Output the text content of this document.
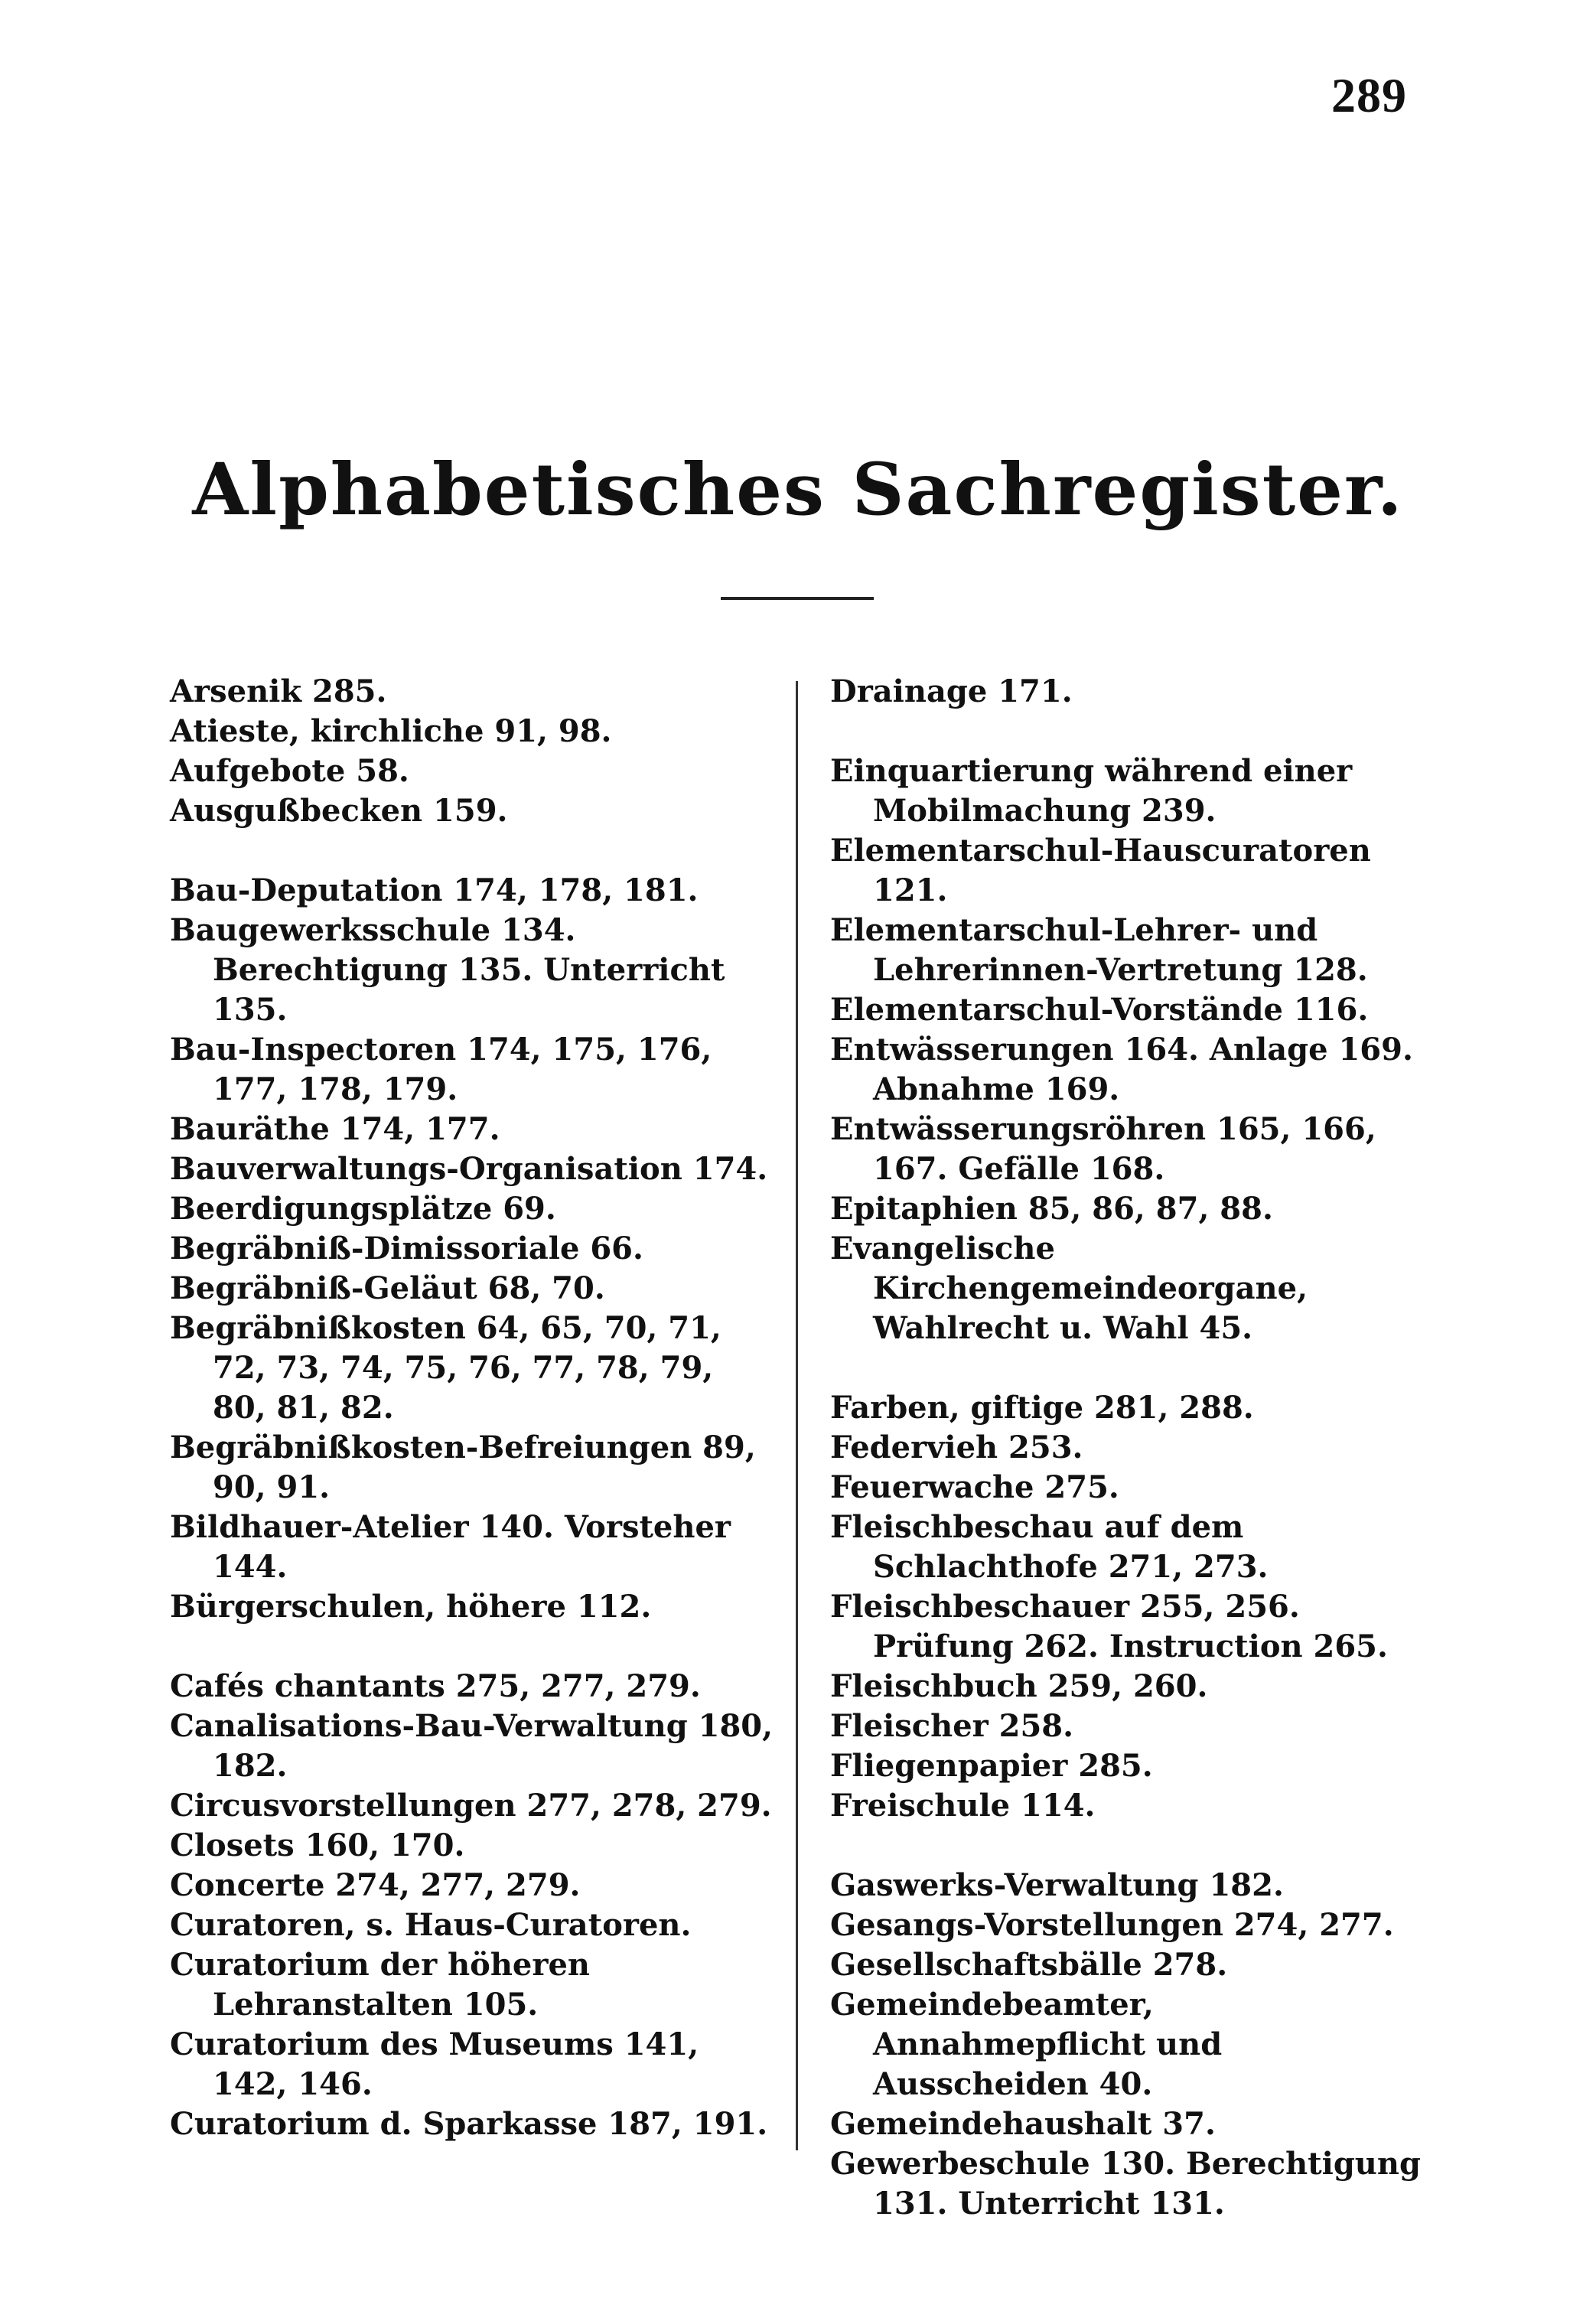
289
Alphabetisches Sachregister.
Arsenik 285.
Atieste, kirchliche 91, 98.
Aufgebote 58.
Ausgußbecken 159.
Bau-Deputation 174, 178, 181.
Baugewerksschule 134. Berechtigung 135. Unterricht 135.
Bau-Inspectoren 174, 175, 176, 177, 178, 179.
Bauräthe 174, 177.
Bauverwaltungs-Organisation 174.
Beerdigungsplätze 69.
Begräbniß-Dimissoriale 66.
Begräbniß-Geläut 68, 70.
Begräbnißkosten 64, 65, 70, 71, 72, 73, 74, 75, 76, 77, 78, 79, 80, 81, 82.
Begräbnißkosten-Befreiungen 89, 90, 91.
Bildhauer-Atelier 140. Vorsteher 144.
Bürgerschulen, höhere 112.
Cafés chantants 275, 277, 279.
Canalisations-Bau-Verwaltung 180, 182.
Circusvorstellungen 277, 278, 279.
Closets 160, 170.
Concerte 274, 277, 279.
Curatoren, s. Haus-Curatoren.
Curatorium der höheren Lehranstalten 105.
Curatorium des Museums 141, 142, 146.
Curatorium d. Sparkasse 187, 191.
Drainage 171.
Einquartierung während einer Mobilmachung 239.
Elementarschul-Hauscuratoren 121.
Elementarschul-Lehrer- und Lehrerinnen-Vertretung 128.
Elementarschul-Vorstände 116.
Entwässerungen 164. Anlage 169. Abnahme 169.
Entwässerungsröhren 165, 166, 167. Gefälle 168.
Epitaphien 85, 86, 87, 88.
Evangelische Kirchengemeindeorgane, Wahlrecht u. Wahl 45.
Farben, giftige 281, 288.
Federvieh 253.
Feuerwache 275.
Fleischbeschau auf dem Schlachthofe 271, 273.
Fleischbeschauer 255, 256. Prüfung 262. Instruction 265.
Fleischbuch 259, 260.
Fleischer 258.
Fliegenpapier 285.
Freischule 114.
Gaswerks-Verwaltung 182.
Gesangs-Vorstellungen 274, 277.
Gesellschaftsbälle 278.
Gemeindebeamter, Annahmepflicht und Ausscheiden 40.
Gemeindehaushalt 37.
Gewerbeschule 130. Berechtigung 131. Unterricht 131.
